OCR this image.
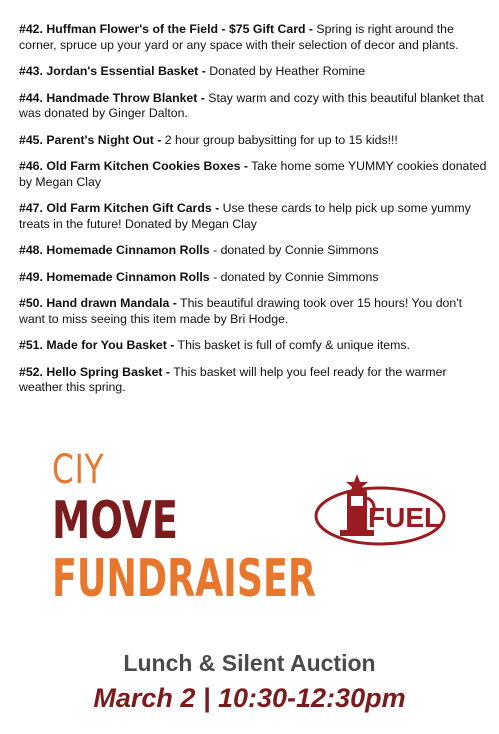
#42. Huffman Flower's of the Field - $75 Gift Card - Spring is right around the corner, spruce up your yard or any space with their selection of decor and plants.

#43. Jordan's Essential Basket - Donated by Heather Romine

#44. Handmade Throw Blanket - Stay warm and cozy with this beautiful blanket that was donated by Ginger Dalton.

#45. Parent's Night Out - 2 hour group babysitting for up to 15 kids!!!

#46. Old Farm Kitchen Cookies Boxes - Take home some YUMMY cookies donated by Megan Clay

#47. Old Farm Kitchen Gift Cards - Use these cards to help pick up some yummy treats in the future! Donated by Megan Clay

#48. Homemade Cinnamon Rolls - donated by Connie Simmons

#49. Homemade Cinnamon Rolls - donated by Connie Simmons

#50. Hand drawn Mandala - This beautiful drawing took over 15 hours! You don't want to miss seeing this item made by Bri Hodge.

#51. Made for You Basket - This basket is full of comfy & unique items.

#52. Hello Spring Basket - This basket will help you feel ready for the warmer weather this spring.

CIY
MOVE
FUNDRAISER
FUEL
Lunch & Silent Auction
March 2 | 10:30-12:30pm
